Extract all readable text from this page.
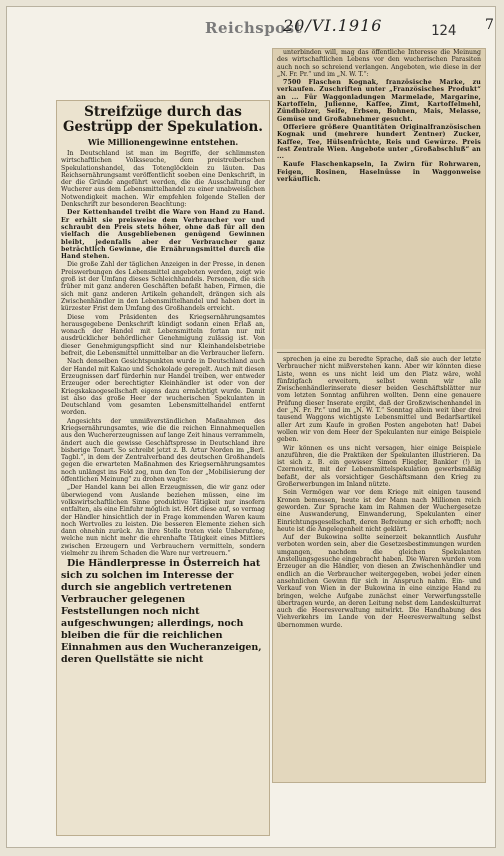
Reichspost
20/VI.1916	124 7
Streifzüge durch das Gestrüpp der Spekulation.
Wie Millionengewinne entstehen.

In Deutschland ist man im Begriffe, der schlimmsten wirtschaftlichen Volksseuche, dem preistreiberischen Spekulationshandel, das Totenglöcklein zu läuten. Das Reichsernährungsamt veröffentlicht soeben eine Denkschrift, in der die Gründe angeführt werden, die die Ausschaltung der Wucherer aus dem Lebensmittelhandel zu einer unabweislichen Notwendigkeit machen. Wir empfehlen folgende Stellen der Denkschrift zur besonderen Beachtung:

Der Kettenhandel treibt die Ware von Hand zu Hand. Er erhält sie preisweise dem Verbraucher vor und schraubt den Preis stets höher, ohne daß für all den vielfach die Ausgebliebenen genügend Gewinnen bleibt, jedenfalls aber der Verbraucher ganz beträchtlich Gewinne, die Ernährungsmittel durch die Hand stehen.

Die große Zahl der täglichen Anzeigen in der Presse, in denen Preiswerbungen des Lebensmittel angeboten werden, zeigt wie groß ist der Umfang dieses Schleichhandels. Personen, die sich früher mit ganz anderen Geschäften befaßt haben, Firmen, die sich mit ganz anderen Artikeln gehandelt, drängen sich als Zwischenhändler in den Lebensmittelhandel und haben dort in kürzester Frist dem Umfang des Großhandels erreicht.

Diese vom Präsidenten des Kriegsernährungsamtes herausgegebene Denkschrift kündigt sodann einen Erlaß an, wonach der Handel mit Lebensmitteln fortan nur mit ausdrücklicher behördlicher Genehmigung zulässig ist. Von dieser Genehmigungspflicht sind nur Kleinhandelsbetriebe befreit, die Lebensmittel unmittelbar an die Verbraucher liefern.

Nach denselben Gesichtspunkten wurde in Deutschland auch der Handel mit Kakao und Schokolade geregelt. Auch mit diesen Erzeugnissen darf fürderhin nur Handel treiben, wer entweder Erzeuger oder berechtigter Kleinhändler ist oder von der Kriegskakaogesellschaft eigens dazu ermächtigt wurde. Damit ist also das große Heer der wucherischen Spekulanten in Deutschland vom gesamten Lebensmittelhandel entfernt worden.

Angesichts der unmißverständlichen Maßnahmen des Kriegsernährungsamtes, wie die die reichen Einnahmequellen aus den Wuchererzeugnissen auf lange Zeit hinaus verrammeln, ändert auch die gewisse Geschäftspresse in Deutschland ihre bisherige Tonart. So schreibt jetzt z. B. Artur Norden im „Berl. Tagbl.“, in dem der Zentralverband des deutschen Großhandels gegen die erwarteten Maßnahmen des Kriegsernährungsamtes noch unlängst ins Feld zog, nun den Ton der „Mobilisierung der öffentlichen Meinung“ zu drohen wagte:

„Der Handel kann bei allen Erzeugnissen, die wir ganz oder überwiegend vom Auslande beziehen müssen, eine im volkswirtschaftlichen Sinne produktive Tätigkeit nur insofern entfalten, als eine Einfuhr möglich ist. Hört diese auf, so vermag der Händler hinsichtlich der in Frage kommenden Waren kaum noch Wertvolles zu leisten. Die besseren Elemente ziehen sich dann ohnehin zurück. An ihre Stelle treten viele Unberufene, welche nun nicht mehr die ehrenhafte Tätigkeit eines Mittlers zwischen Erzeugern und Verbrauchern vermitteln, sondern vielmehr zu ihrem Schaden die Ware nur vertreuern.“

Die Händlerpresse in Österreich hat sich zu solchen im Interesse der durch sie angeblich vertretenen Verbraucher gelegenen Feststellungen noch nicht aufgeschwungen; allerdings, noch bleiben die für die reichlichen Einnahmen aus den Wucheranzeigen, deren Quellstätte sie nicht

unterbinden will, mag das öffentliche Interesse die Meinung des wirtschaftlichen Lebens vor den wucherischen Parasiten auch noch so schreiend verlangen. Angeboten, wie diese in der „N. Fr. Pr.“ und im „N. W. T.“:

7500 Flaschen Kognak, französische Marke, zu verkaufen. Zuschriften unter „Französisches Produkt“ an ... Für Waggonladungen Marmelade, Margarine, Kartoffeln, Julienne, Kaffee, Zimt, Kartoffelmehl, Zündhölzer, Seife, Erbsen, Bohnen, Mais, Melasse, Gemüse und Großabnehmer gesucht.

Offeriere größere Quantitäten Originalfranzösischen Kognak und (mehrere hundert Zentner) Zucker, Kaffee, Tee, Hülsenfrüchte, Reis und Gewürze. Preis fest Zentrale Wien. Angebote unter „Großabschluß“ an ...

Kaufe Flaschenkapseln, Ia Zwirn für Rohrwaren, Feigen, Rosinen, Haselnüsse in Waggonweise verkäuflich.

sprechen ja eine zu beredte Sprache, daß sie auch der letzte Verbraucher nicht mißverstehen kann. Aber wir könnten diese Liste, wenn es uns nicht leid um den Platz wäre, wohl fünfzigfach erweitern, selbst wenn wir alle Zwischenhändlerinserate dieser beiden Geschäftsblätter nur vom letzten Sonntag anführen wollten. Denn eine genauere Prüfung dieser Inserate ergibt, daß der Großzwischenhandel in der „N. Fr. Pr.“ und im „N. W. T.“ Sonntag allein weit über drei tausend Waggons wichtigste Lebensmittel und Bedarfsartikel aller Art zum Kaufe in großen Posten angeboten hat! Dabei wollen wir von dem Heer der Spekulanten nur einige Beispiele geben.

Wir können es uns nicht versagen, hier einige Beispiele anzuführen, die die Praktiken der Spekulanten illustrieren. Da ist sich z. B. ein gewisser Simon Fliegler, Bankier (!) in Czernowitz, mit der Lebensmittelspekulation gewerbsmäßig befaßt, der als vorsichtiger Geschäftsmann den Krieg zu Großerwerbungen im Inland nützte.

Sein Vermögen war vor dem Kriege mit einigen tausend Kronen bemessen, heute ist der Mann nach Millionen reich geworden. Zur Sprache kam im Rahmen der Wuchergesetze eine Auswanderung, Einwanderung, Spekulanten einer Einrichtungsgesellschaft, deren Befreiung er sich erhofft; noch heute ist die Angelegenheit nicht geklärt.

Auf der Bukowina sollte seinerzeit bekanntlich Ausfuhr verboten worden sein, aber die Gesetzesbestimmungen wurden umgangen, nachdem die gleichen Spekulanten Anstellungsgesuche eingebracht haben. Die Waren wurden vom Erzeuger an die Händler, von diesen an Zwischenhändler und endlich an die Verbraucher weitergegeben, wobei jeder einen ansehnlichen Gewinn für sich in Anspruch nahm. Ein- und Verkauf von Wien in der Bukowina in eine einzige Hand zu bringen, welche Aufgabe zunächst einer Verwerfungsstelle übertragen wurde, an deren Leitung nebst dem Landeskulturrat auch die Heeresverwaltung mitwirkt. Die Handhabung des Viehverkehrs im Lande von der Heeresverwaltung selbst übernommen wurde.
